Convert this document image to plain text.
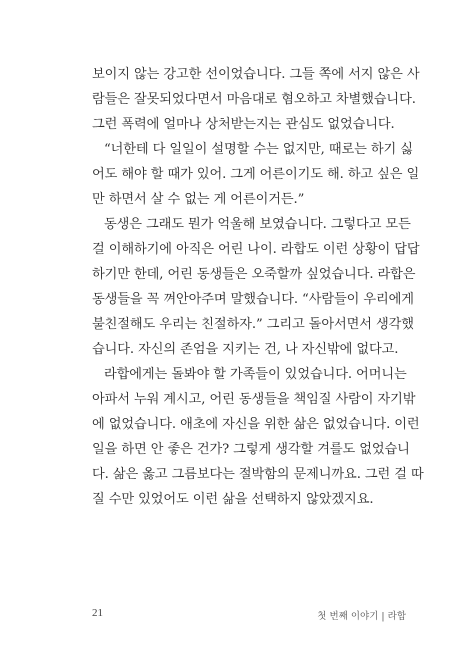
보이지 않는 강고한 선이었습니다. 그들 쪽에 서지 않은 사
람들은 잘못되었다면서 마음대로 혐오하고 차별했습니다.
그런 폭력에 얼마나 상처받는지는 관심도 없었습니다.
“너한테 다 일일이 설명할 수는 없지만, 때로는 하기 싫
어도 해야 할 때가 있어. 그게 어른이기도 해. 하고 싶은 일
만 하면서 살 수 없는 게 어른이거든.”
동생은 그래도 뭔가 억울해 보였습니다. 그렇다고 모든
걸 이해하기에 아직은 어린 나이. 라합도 이런 상황이 답답
하기만 한데, 어린 동생들은 오죽할까 싶었습니다. 라합은
동생들을 꼭 껴안아주며 말했습니다. “사람들이 우리에게
불친절해도 우리는 친절하자.” 그리고 돌아서면서 생각했
습니다. 자신의 존엄을 지키는 건, 나 자신밖에 없다고.
라합에게는 돌봐야 할 가족들이 있었습니다. 어머니는
아파서 누워 계시고, 어린 동생들을 책임질 사람이 자기밖
에 없었습니다. 애초에 자신을 위한 삶은 없었습니다. 이런
일을 하면 안 좋은 건가? 그렇게 생각할 겨를도 없었습니
다. 삶은 옳고 그름보다는 절박함의 문제니까요. 그런 걸 따
질 수만 있었어도 이런 삶을 선택하지 않았겠지요.
21	첫 번째 이야기 | 라합
